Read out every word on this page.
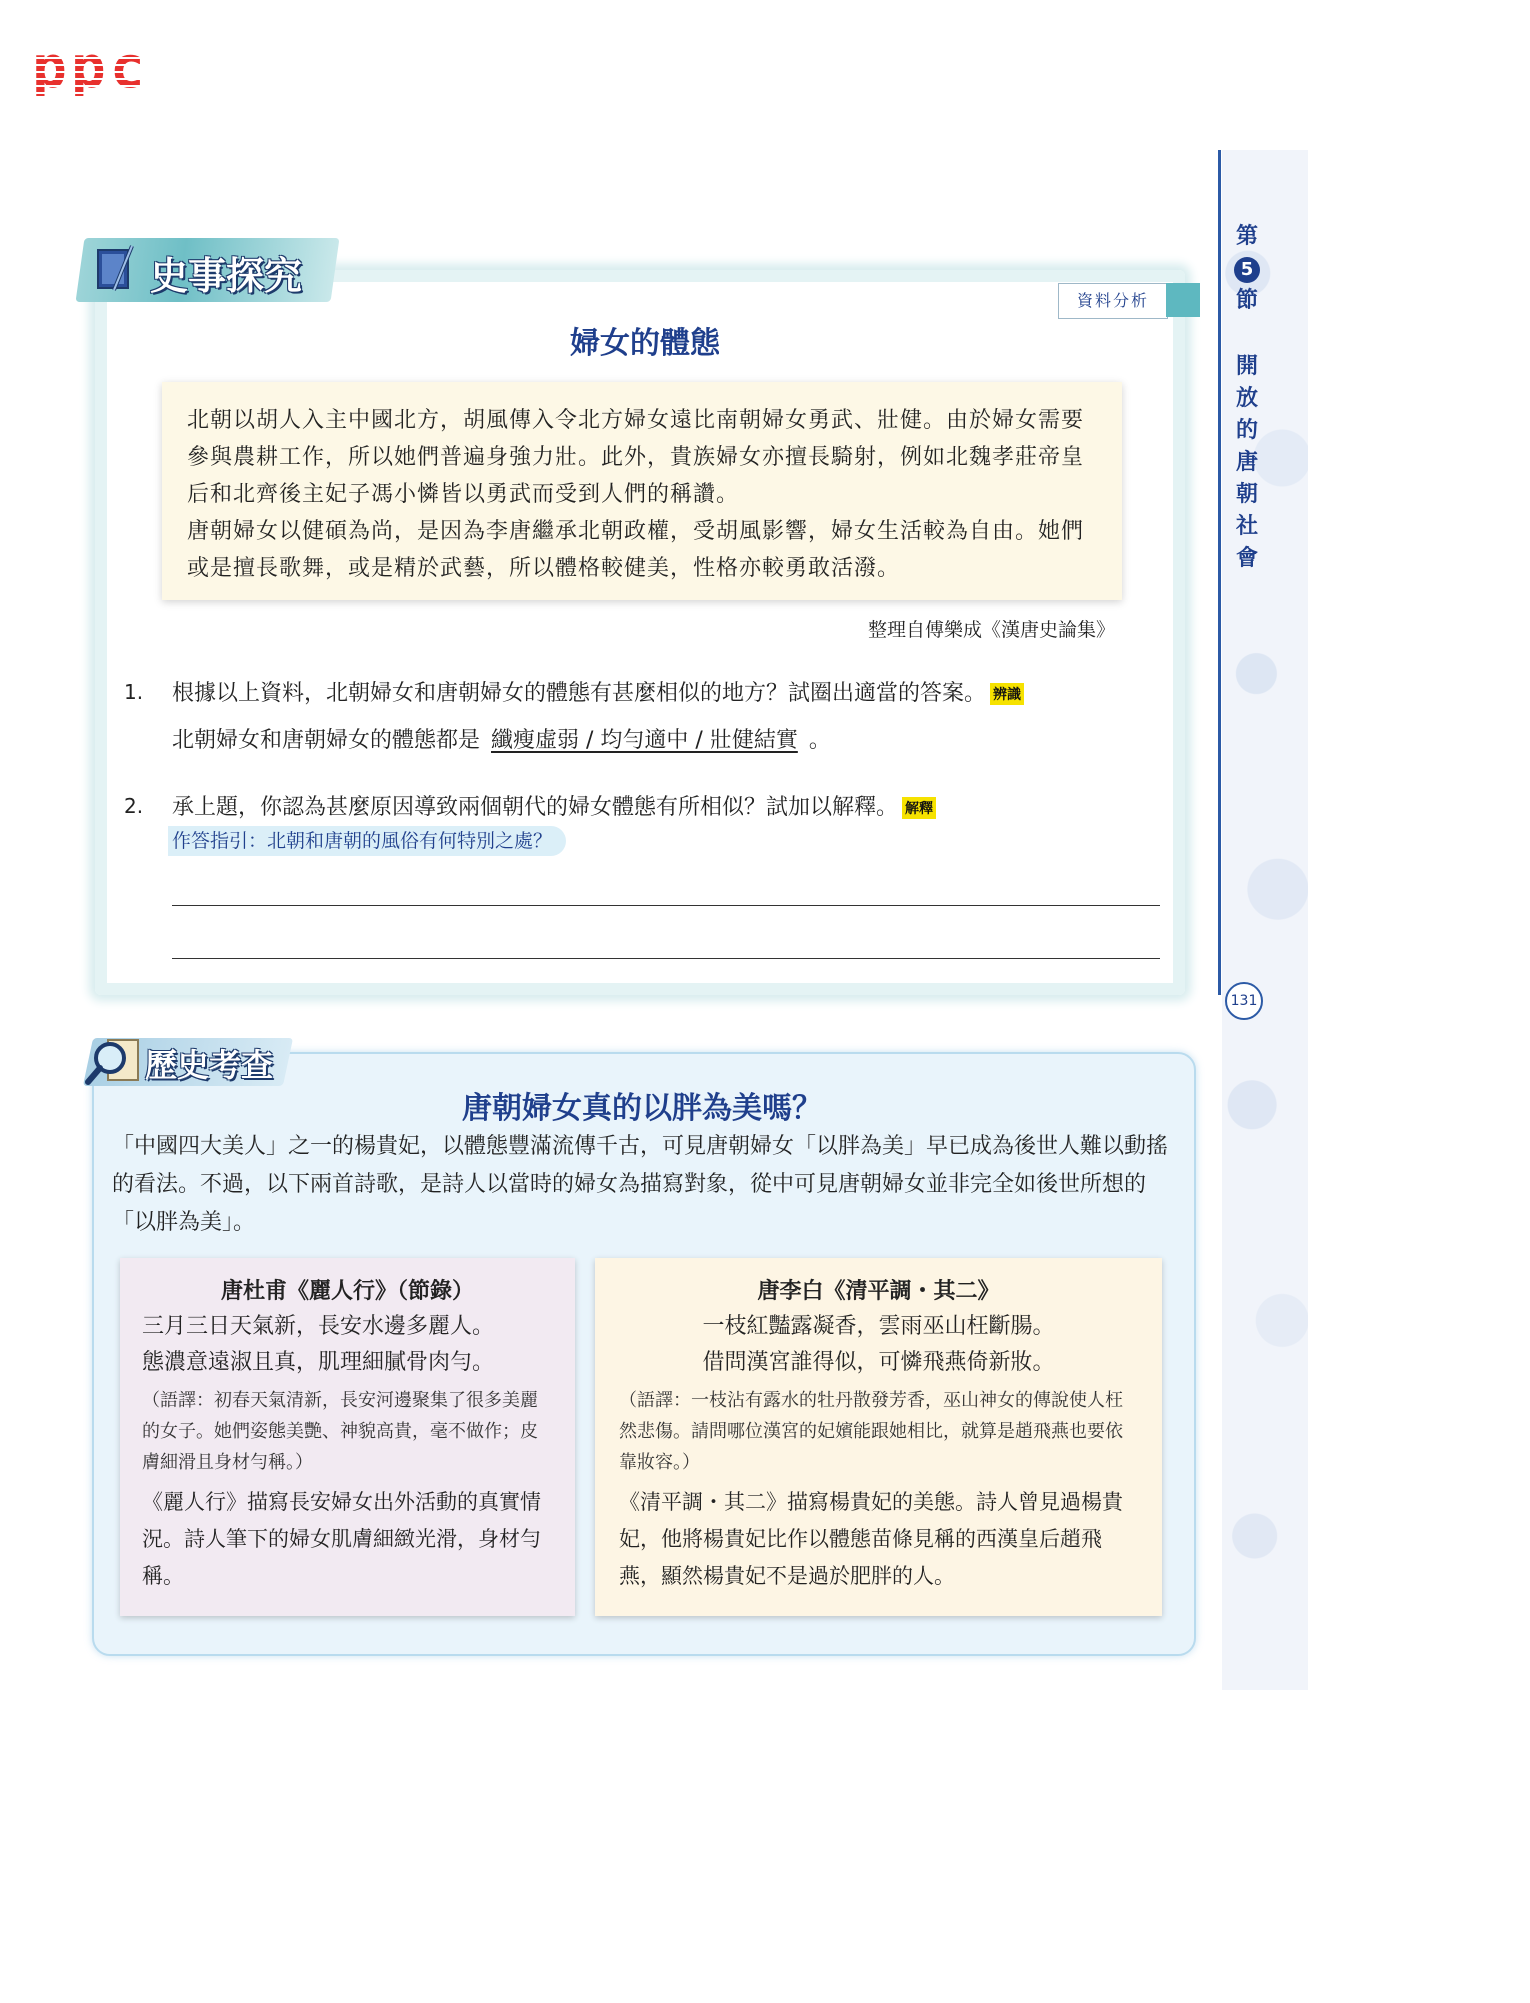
ppc
第
5
節
開放的唐朝社會
131
史事探究
資料分析
婦女的體態
北朝以胡人入主中國北方，胡風傳入令北方婦女遠比南朝婦女勇武、壯健。由於婦女需要參與農耕工作，所以她們普遍身強力壯。此外，貴族婦女亦擅長騎射，例如北魏孝莊帝皇后和北齊後主妃子馮小憐皆以勇武而受到人們的稱讚。
唐朝婦女以健碩為尚，是因為李唐繼承北朝政權，受胡風影響，婦女生活較為自由。她們或是擅長歌舞，或是精於武藝，所以體格較健美，性格亦較勇敢活潑。
整理自傅樂成《漢唐史論集》
1. 根據以上資料，北朝婦女和唐朝婦女的體態有甚麼相似的地方？試圈出適當的答案。 辨識
北朝婦女和唐朝婦女的體態都是 纖瘦虛弱 / 均勻適中 / 壯健結實 。
2. 承上題，你認為甚麼原因導致兩個朝代的婦女體態有所相似？試加以解釋。 解釋
作答指引：北朝和唐朝的風俗有何特別之處？
歷史考查
唐朝婦女真的以胖為美嗎？
「中國四大美人」之一的楊貴妃，以體態豐滿流傳千古，可見唐朝婦女「以胖為美」早已成為後世人難以動搖的看法。不過，以下兩首詩歌，是詩人以當時的婦女為描寫對象，從中可見唐朝婦女並非完全如後世所想的「以胖為美」。
唐杜甫《麗人行》（節錄）
三月三日天氣新，長安水邊多麗人。
態濃意遠淑且真，肌理細膩骨肉勻。
（語譯：初春天氣清新，長安河邊聚集了很多美麗的女子。她們姿態美艷、神貌高貴，毫不做作；皮膚細滑且身材勻稱。）
《麗人行》描寫長安婦女出外活動的真實情況。詩人筆下的婦女肌膚細緻光滑，身材勻稱。
唐李白《清平調・其二》
一枝紅豔露凝香，雲雨巫山枉斷腸。
借問漢宮誰得似，可憐飛燕倚新妝。
（語譯：一枝沾有露水的牡丹散發芳香，巫山神女的傳說使人枉然悲傷。請問哪位漢宮的妃嬪能跟她相比，就算是趙飛燕也要依靠妝容。）
《清平調・其二》描寫楊貴妃的美態。詩人曾見過楊貴妃，他將楊貴妃比作以體態苗條見稱的西漢皇后趙飛燕，顯然楊貴妃不是過於肥胖的人。
